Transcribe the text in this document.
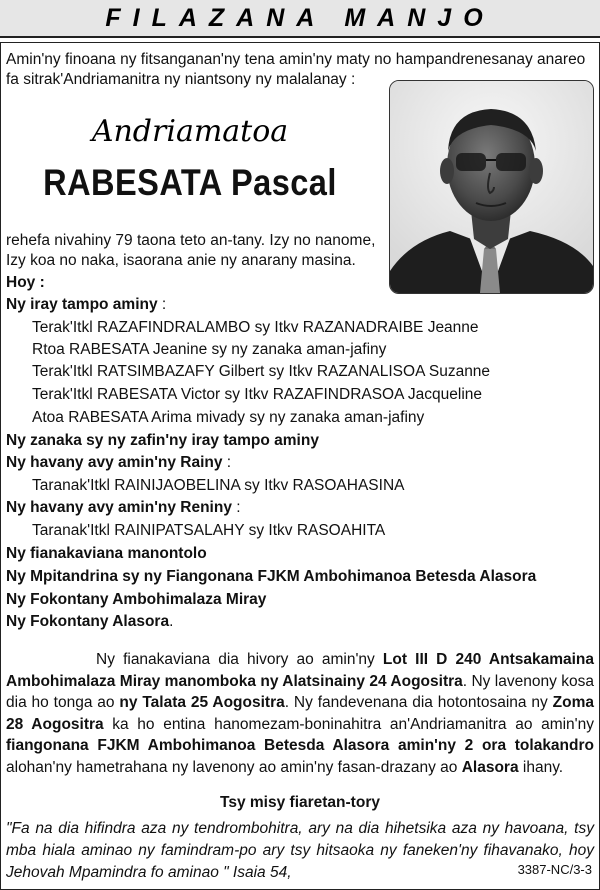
FILAZANA MANJO
Amin'ny finoana ny fitsanganan'ny tena amin'ny maty no hampandrenesanay anareo fa sitrak'Andriamanitra ny niantsony ny malalanay :
Andriamatoa
RABESATA Pascal
rehefa nivahiny 79 taona teto an-tany. Izy no nanome,
Izy koa no naka, isaorana anie ny anarany masina.
Hoy :
Ny iray tampo aminy :
Terak'Itkl RAZAFINDRALAMBO sy Itkv RAZANADRAIBE Jeanne
Rtoa RABESATA Jeanine sy ny zanaka aman-jafiny
Terak'Itkl RATSIMBAZAFY Gilbert sy Itkv RAZANALISOA Suzanne
Terak'Itkl RABESATA Victor sy Itkv RAZAFINDRASOA Jacqueline
Atoa RABESATA Arima mivady sy ny zanaka aman-jafiny
Ny zanaka sy ny zafin'ny iray tampo aminy
Ny havany avy amin'ny Rainy :
Taranak'Itkl RAINIJAOBELINA sy Itkv RASOAHASINA
Ny havany avy amin'ny Reniny :
Taranak'Itkl RAINIPATSALAHY sy Itkv RASOAHITA
Ny fianakaviana manontolo
Ny Mpitandrina sy ny Fiangonana FJKM Ambohimanoa Betesda Alasora
Ny Fokontany Ambohimalaza Miray
Ny Fokontany Alasora.
Ny fianakaviana dia hivory ao amin'ny Lot III D 240 Antsakamaina Ambohimalaza Miray manomboka ny Alatsinainy 24 Aogositra. Ny lavenony kosa dia ho tonga ao ny Talata 25 Aogositra. Ny fandevenana dia hotontosaina ny Zoma 28 Aogositra ka ho entina hanomezam-boninahitra an'Andriamanitra ao amin'ny fiangonana FJKM Ambohimanoa Betesda Alasora amin'ny 2 ora tolakandro alohan'ny hametrahana ny lavenony ao amin'ny fasan-drazany ao Alasora ihany.
Tsy misy fiaretan-tory
"Fa na dia hifindra aza ny tendrombohitra, ary na dia hihetsika aza ny havoana, tsy mba hiala aminao ny famindram-po ary tsy hitsaoka ny faneken'ny fihavanako, hoy Jehovah Mpamindra fo aminao " Isaia 54,	3387-NC/3-3
